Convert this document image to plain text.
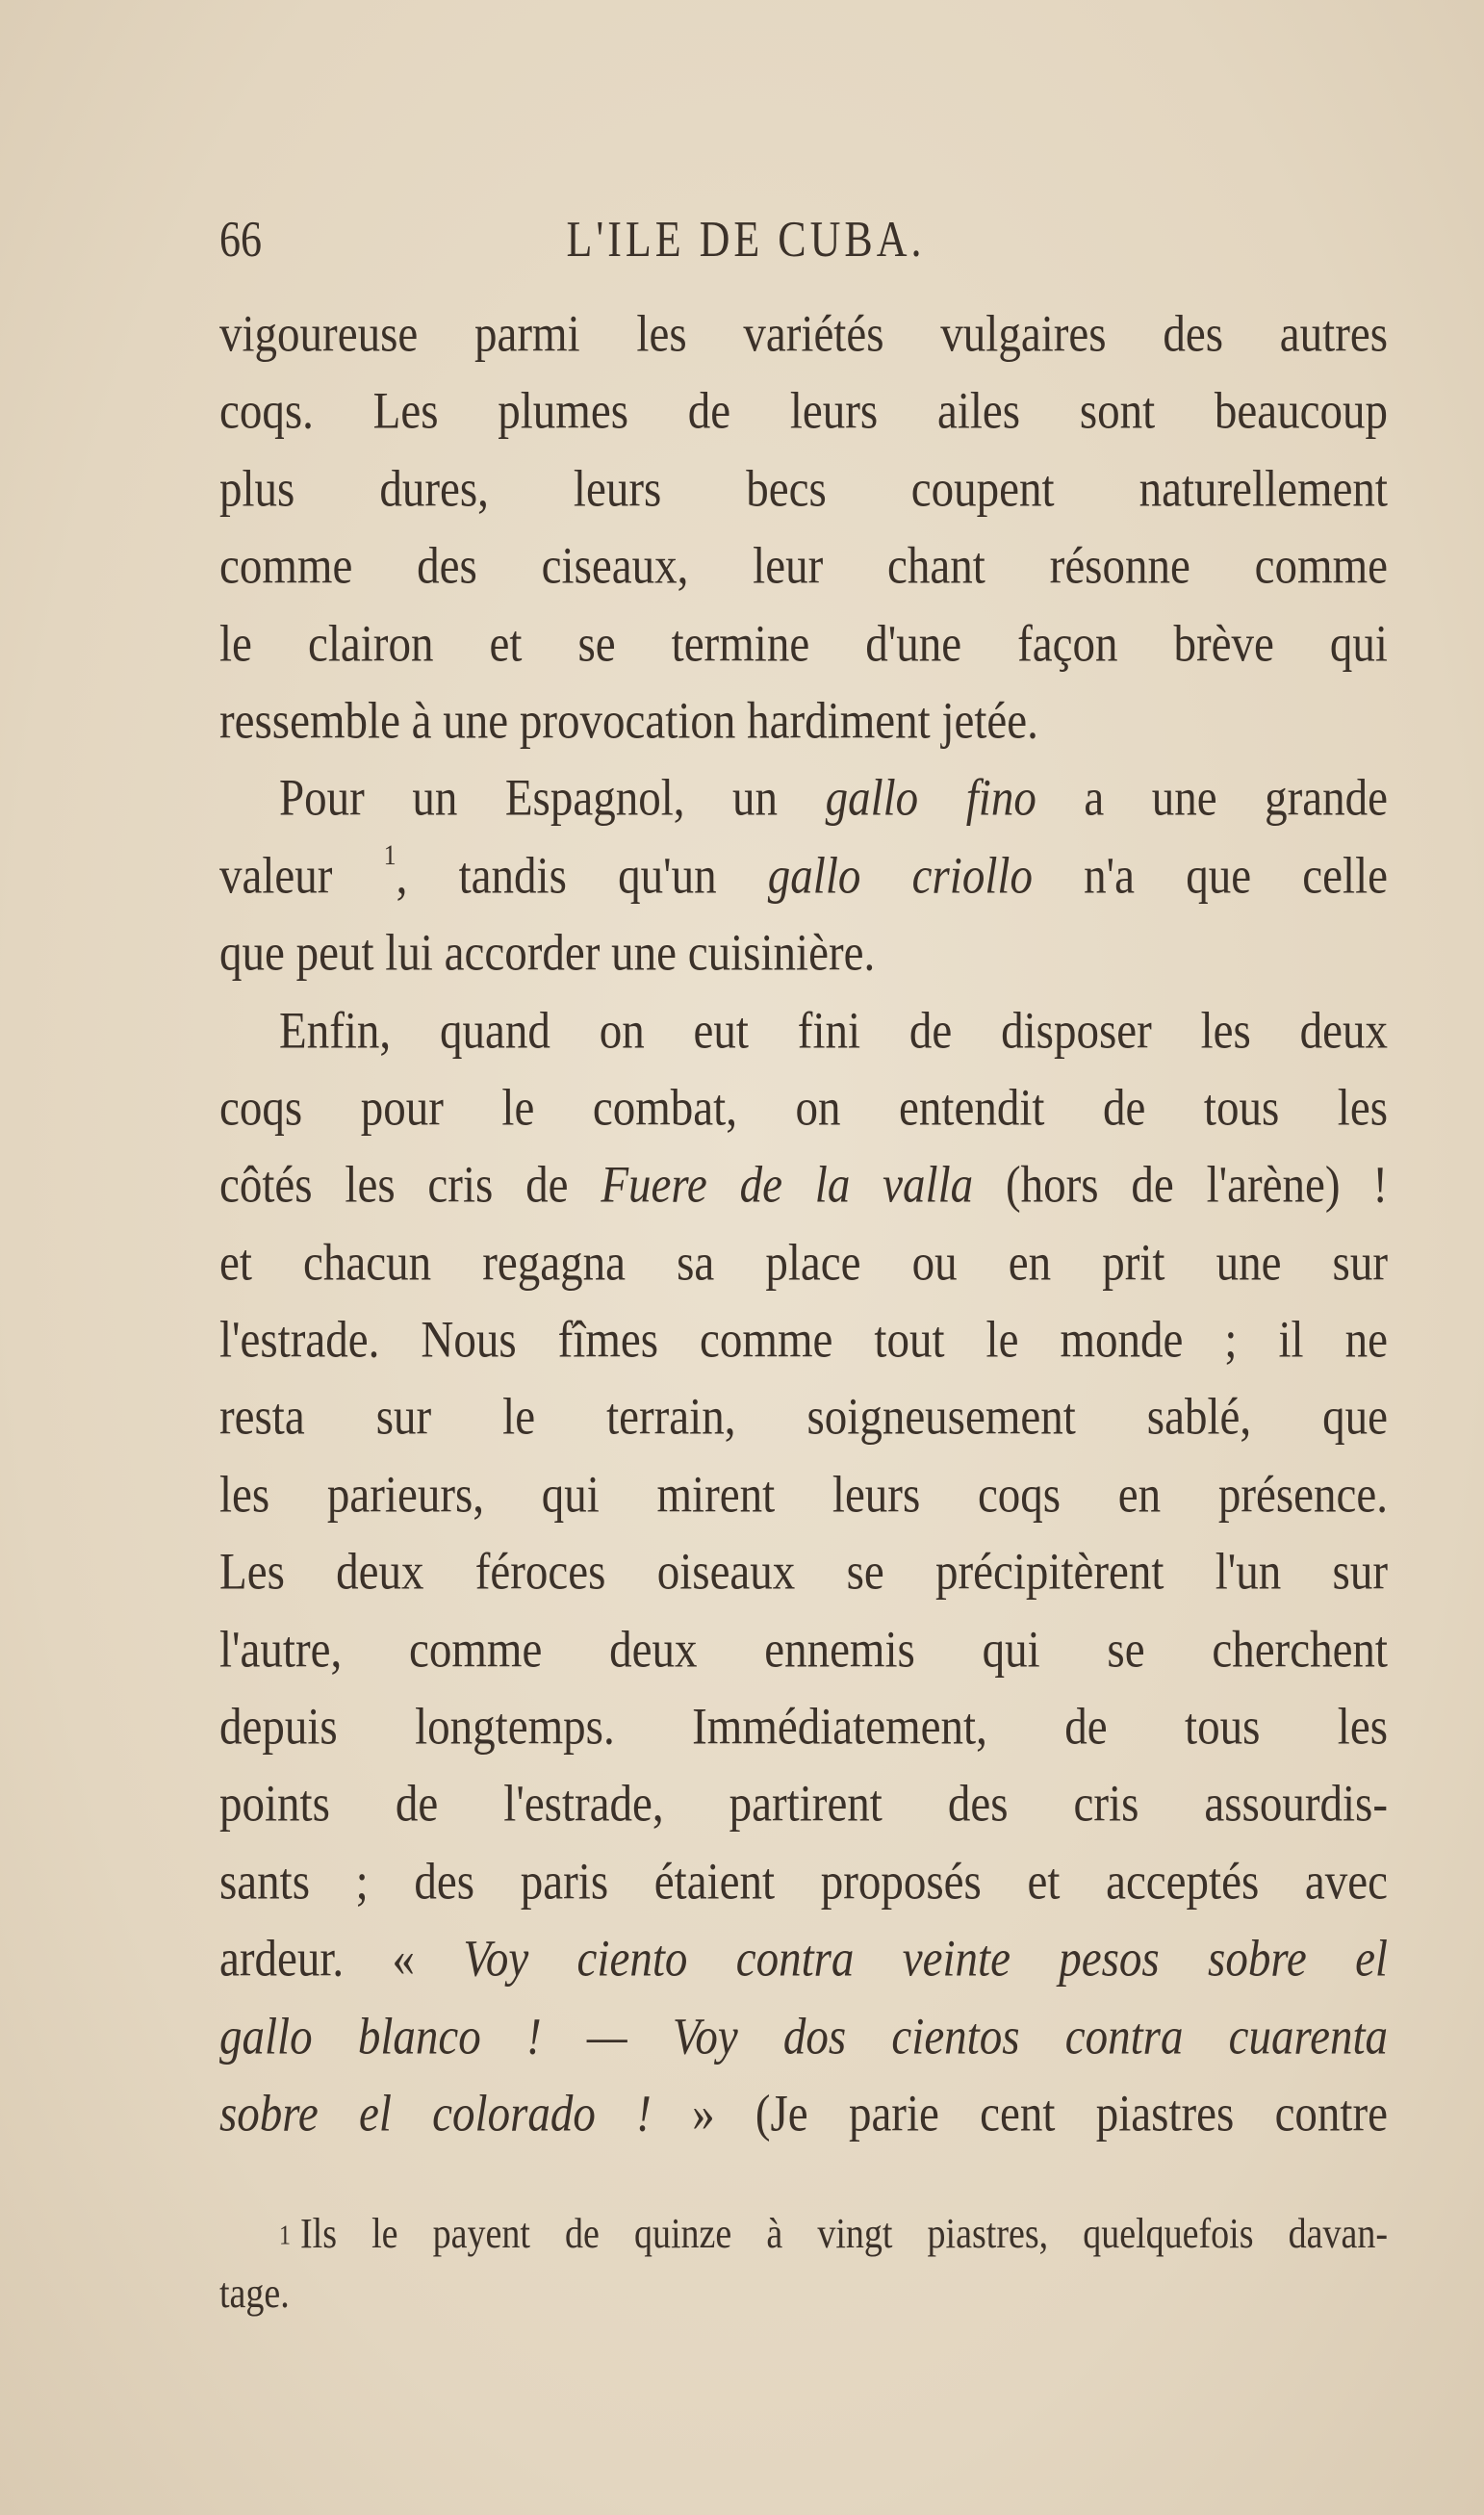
66	L'ILE DE CUBA.
vigoureuse parmi les variétés vulgaires des autres
coqs. Les plumes de leurs ailes sont beaucoup
plus dures, leurs becs coupent naturellement
comme des ciseaux, leur chant résonne comme
le clairon et se termine d'une façon brève qui
ressemble à une provocation hardiment jetée.
Pour un Espagnol, un gallo fino a une grande
valeur $^1$, tandis qu'un gallo criollo n'a que celle
que peut lui accorder une cuisinière.
Enfin, quand on eut fini de disposer les deux
coqs pour le combat, on entendit de tous les
côtés les cris de Fuere de la valla (hors de l'arène) !
et chacun regagna sa place ou en prit une sur
l'estrade. Nous fîmes comme tout le monde ; il ne
resta sur le terrain, soigneusement sablé, que
les parieurs, qui mirent leurs coqs en présence.
Les deux féroces oiseaux se précipitèrent l'un sur
l'autre, comme deux ennemis qui se cherchent
depuis longtemps. Immédiatement, de tous les
points de l'estrade, partirent des cris assourdis-
sants ; des paris étaient proposés et acceptés avec
ardeur. « Voy ciento contra veinte pesos sobre el
gallo blanco ! — Voy dos cientos contra cuarenta
sobre el colorado ! » (Je parie cent piastres contre
$^1$ Ils le payent de quinze à vingt piastres, quelquefois davan-
tage.
